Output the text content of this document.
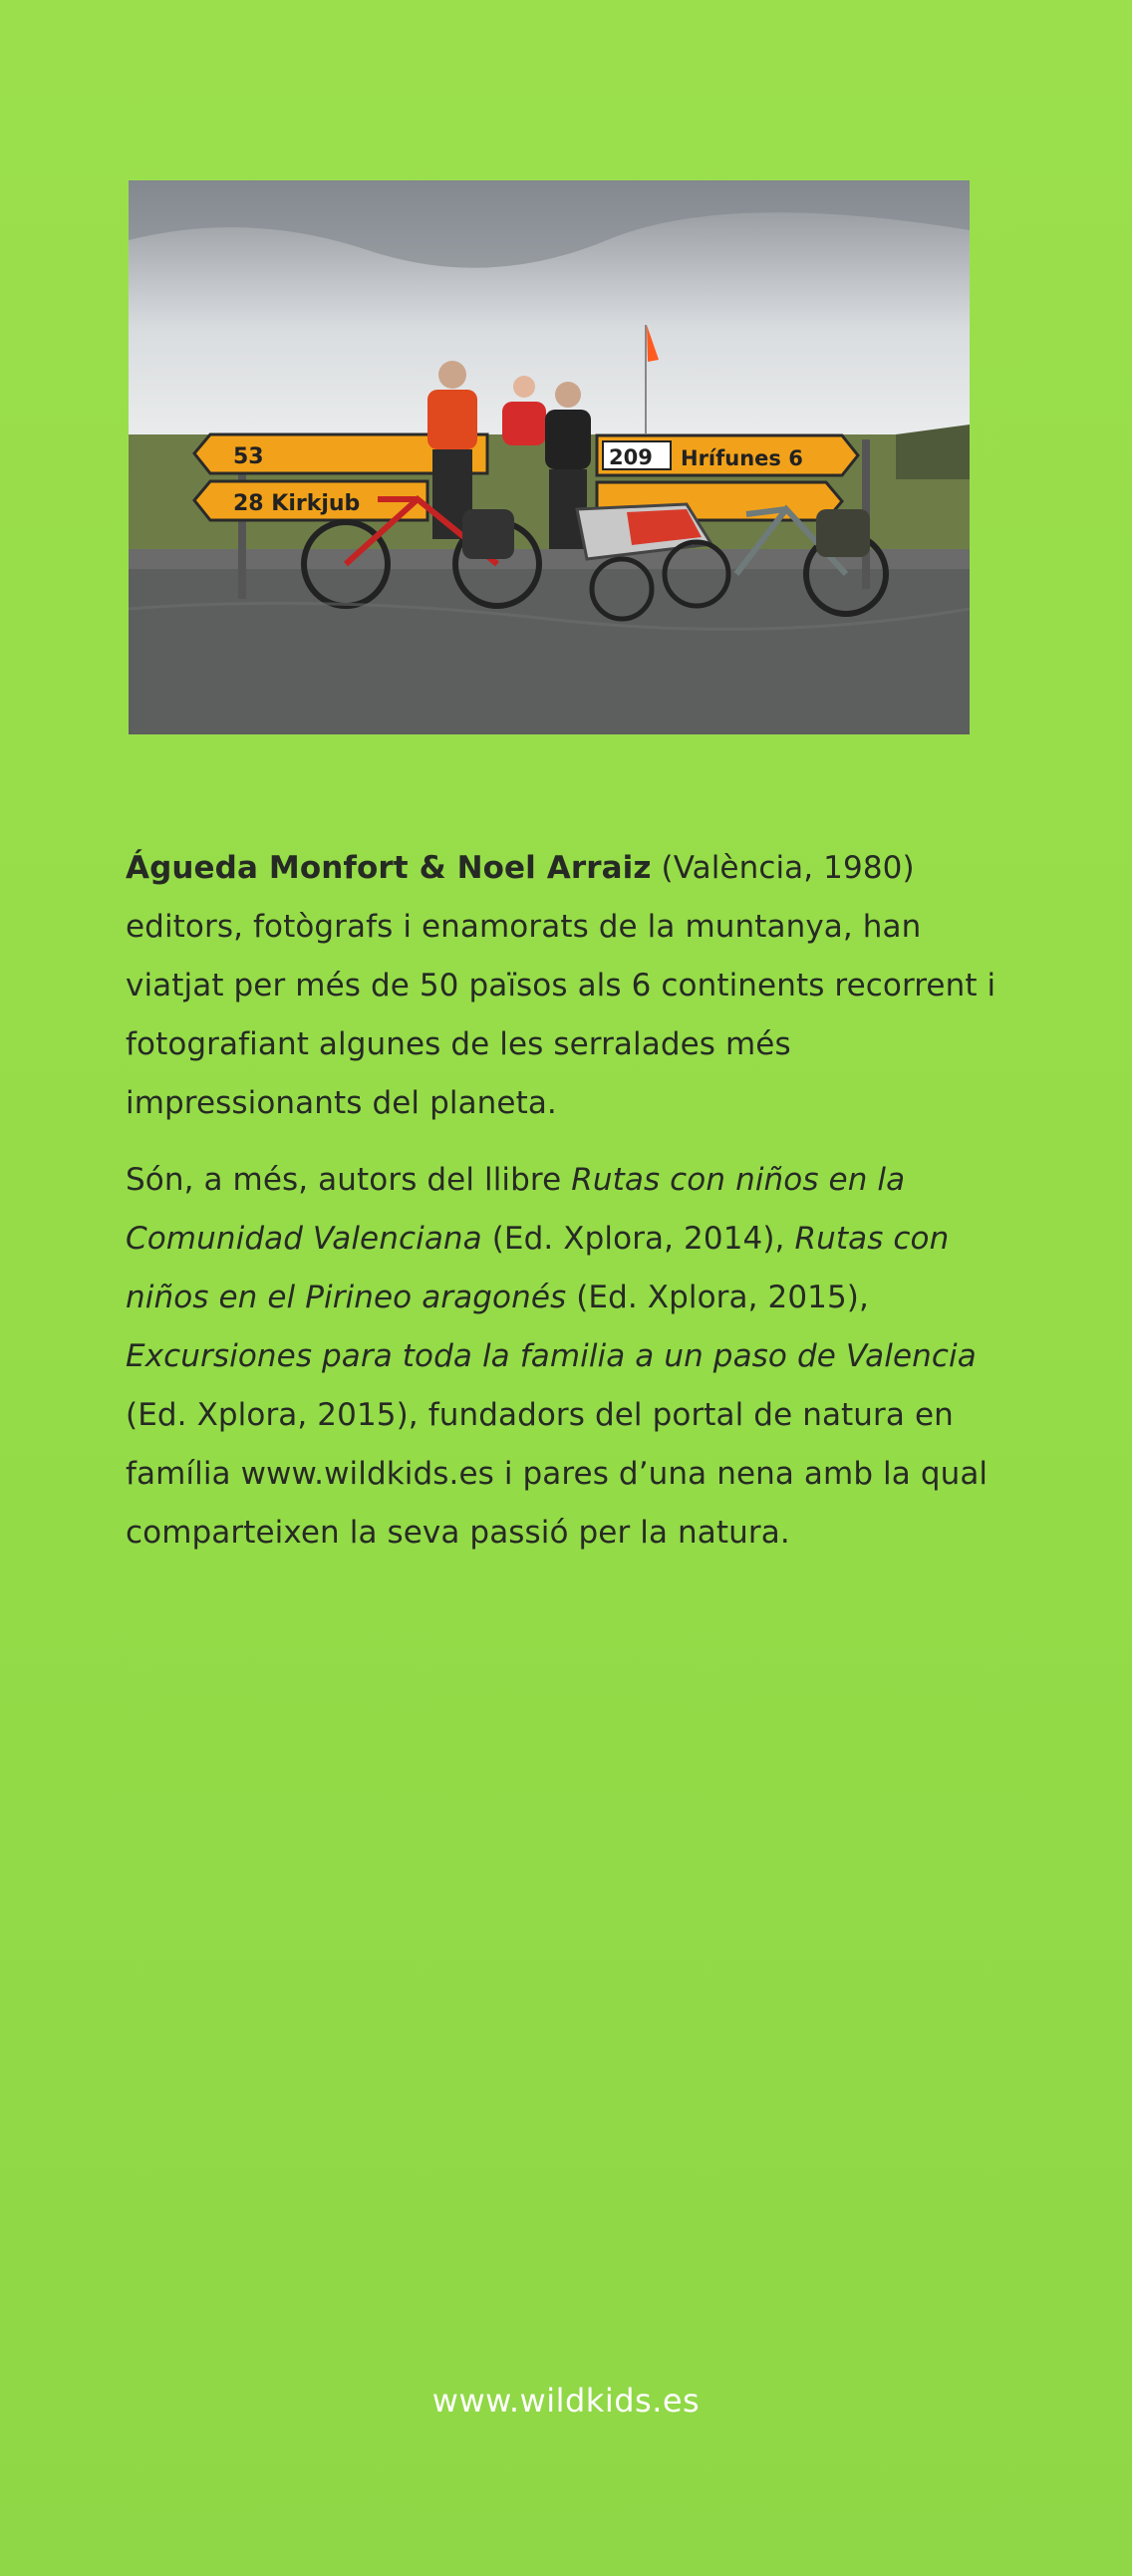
53
28 Kirkjub
209 Hrífunes 6

Águeda Monfort & Noel Arraiz (València, 1980) editors, fotògrafs i enamorats de la muntanya, han viatjat per més de 50 països als 6 continents recorrent i fotografiant algunes de les serralades més impressionants del planeta.

Són, a més, autors del llibre Rutas con niños en la Comunidad Valenciana (Ed. Xplora, 2014), Rutas con niños en el Pirineo aragonés (Ed. Xplora, 2015), Excursiones para toda la familia a un paso de Valencia (Ed. Xplora, 2015), fundadors del portal de natura en família www.wildkids.es i pares d’una nena amb la qual comparteixen la seva passió per la natura.

www.wildkids.es
